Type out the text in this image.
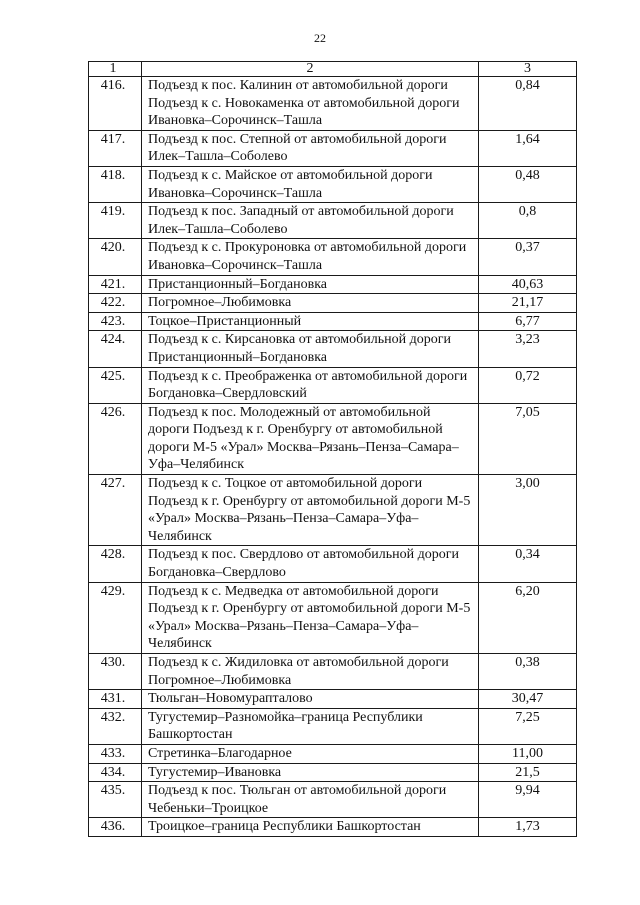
22
1	2	3
416.	Подъезд к пос. Калинин от автомобильной дороги Подъезд к с. Новокаменка от автомобильной дороги Ивановка–Сорочинск–Ташла	0,84
417.	Подъезд к пос. Степной от автомобильной дороги Илек–Ташла–Соболево	1,64
418.	Подъезд к с. Майское от автомобильной дороги Ивановка–Сорочинск–Ташла	0,48
419.	Подъезд к пос. Западный от автомобильной дороги Илек–Ташла–Соболево	0,8
420.	Подъезд к с. Прокуроновка от автомобильной дороги Ивановка–Сорочинск–Ташла	0,37
421.	Пристанционный–Богдановка	40,63
422.	Погромное–Любимовка	21,17
423.	Тоцкое–Пристанционный	6,77
424.	Подъезд к с. Кирсановка от автомобильной дороги Пристанционный–Богдановка	3,23
425.	Подъезд к с. Преображенка от автомобильной дороги Богдановка–Свердловский	0,72
426.	Подъезд к пос. Молодежный от автомобильной дороги Подъезд к г. Оренбургу от автомобильной дороги М-5 «Урал» Москва–Рязань–Пенза–Самара–Уфа–Челябинск	7,05
427.	Подъезд к с. Тоцкое от автомобильной дороги Подъезд к г. Оренбургу от автомобильной дороги М-5 «Урал» Москва–Рязань–Пенза–Самара–Уфа–Челябинск	3,00
428.	Подъезд к пос. Свердлово от автомобильной дороги Богдановка–Свердлово	0,34
429.	Подъезд к с. Медведка от автомобильной дороги Подъезд к г. Оренбургу от автомобильной дороги М-5 «Урал» Москва–Рязань–Пенза–Самара–Уфа–Челябинск	6,20
430.	Подъезд к с. Жидиловка от автомобильной дороги Погромное–Любимовка	0,38
431.	Тюльган–Новомурапталово	30,47
432.	Тугустемир–Разномойка–граница Республики Башкортостан	7,25
433.	Стретинка–Благодарное	11,00
434.	Тугустемир–Ивановка	21,5
435.	Подъезд к пос. Тюльган от автомобильной дороги Чебеньки–Троицкое	9,94
436.	Троицкое–граница Республики Башкортостан	1,73
